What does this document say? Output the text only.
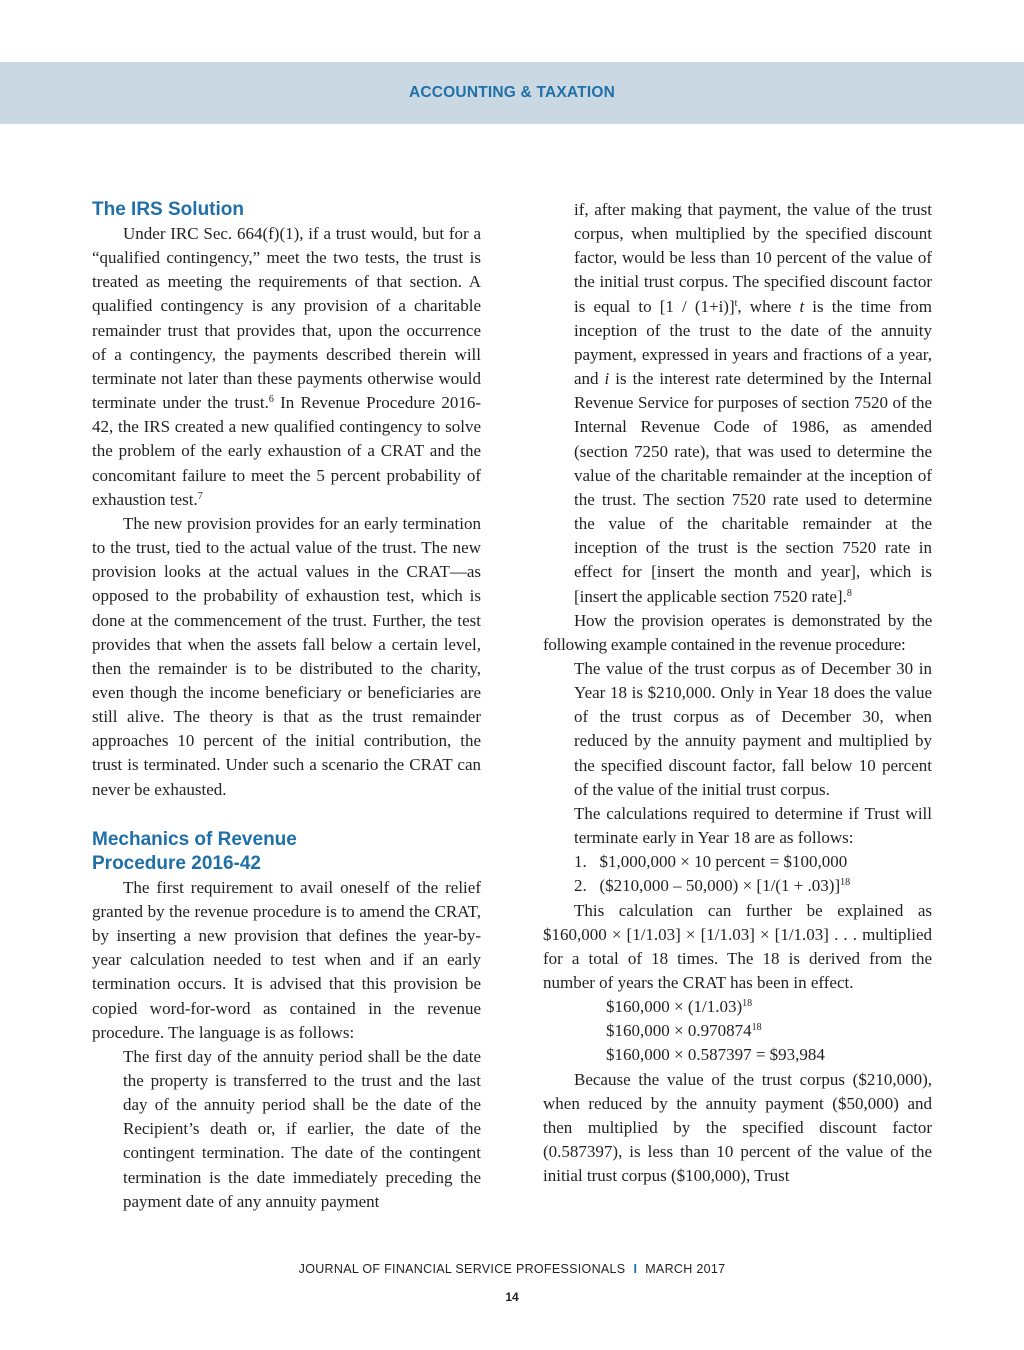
ACCOUNTING & TAXATION
The IRS Solution

Under IRC Sec. 664(f)(1), if a trust would, but for a “qualified contingency,” meet the two tests, the trust is treated as meeting the requirements of that section. A qualified contingency is any provision of a charitable remainder trust that provides that, upon the occurrence of a contingency, the payments described therein will terminate not later than these payments otherwise would terminate under the trust.$^6$ In Revenue Procedure 2016-42, the IRS created a new qualified contingency to solve the problem of the early exhaustion of a CRAT and the concomitant failure to meet the 5 percent probability of exhaustion test.$^7$

The new provision provides for an early termination to the trust, tied to the actual value of the trust. The new provision looks at the actual values in the CRAT—as opposed to the probability of exhaustion test, which is done at the commencement of the trust. Further, the test provides that when the assets fall below a certain level, then the remainder is to be distributed to the charity, even though the income beneficiary or beneficiaries are still alive. The theory is that as the trust remainder approaches 10 percent of the initial contribution, the trust is terminated. Under such a scenario the CRAT can never be exhausted.

Mechanics of Revenue
Procedure 2016-42

The first requirement to avail oneself of the relief granted by the revenue procedure is to amend the CRAT, by inserting a new provision that defines the year-by-year calculation needed to test when and if an early termination occurs. It is advised that this provision be copied word-for-word as contained in the revenue procedure. The language is as follows:

The first day of the annuity period shall be the date the property is transferred to the trust and the last day of the annuity period shall be the date of the Recipient’s death or, if earlier, the date of the contingent termination. The date of the contingent termination is the date immediately preceding the payment date of any annuity payment

if, after making that payment, the value of the trust corpus, when multiplied by the specified discount factor, would be less than 10 percent of the value of the initial trust corpus. The specified discount factor is equal to $[1 / (1+i)]^t$, where t is the time from inception of the trust to the date of the annuity payment, expressed in years and fractions of a year, and i is the interest rate determined by the Internal Revenue Service for purposes of section 7520 of the Internal Revenue Code of 1986, as amended (section 7250 rate), that was used to determine the value of the charitable remainder at the inception of the trust. The section 7520 rate used to determine the value of the charitable remainder at the inception of the trust is the section 7520 rate in effect for [insert the month and year], which is [insert the applicable section 7520 rate].$^8$

How the provision operates is demonstrated by the following example contained in the revenue procedure:

The value of the trust corpus as of December 30 in Year 18 is $210,000. Only in Year 18 does the value of the trust corpus as of December 30, when reduced by the annuity payment and multiplied by the specified discount factor, fall below 10 percent of the value of the initial trust corpus.

The calculations required to determine if Trust will terminate early in Year 18 are as follows:

1.   $1,000,000 × 10 percent = $100,000

2.   ($210,000 – $50,000) \times [1/(1 + .03)]^{18}$

This calculation can further be explained as $160,000 × [1/1.03] × [1/1.03] × [1/1.03] . . . multiplied for a total of 18 times. The 18 is derived from the number of years the CRAT has been in effect.

$160,000 × $(1/1.03)^{18}$

$160,000 × $0.970874^{18}$

$160,000 × 0.587397 = $93,984

Because the value of the trust corpus ($210,000), when reduced by the annuity payment ($50,000) and then multiplied by the specified discount factor (0.587397), is less than 10 percent of the value of the initial trust corpus ($100,000), Trust

JOURNAL OF FINANCIAL SERVICE PROFESSIONALS I MARCH 2017
14
